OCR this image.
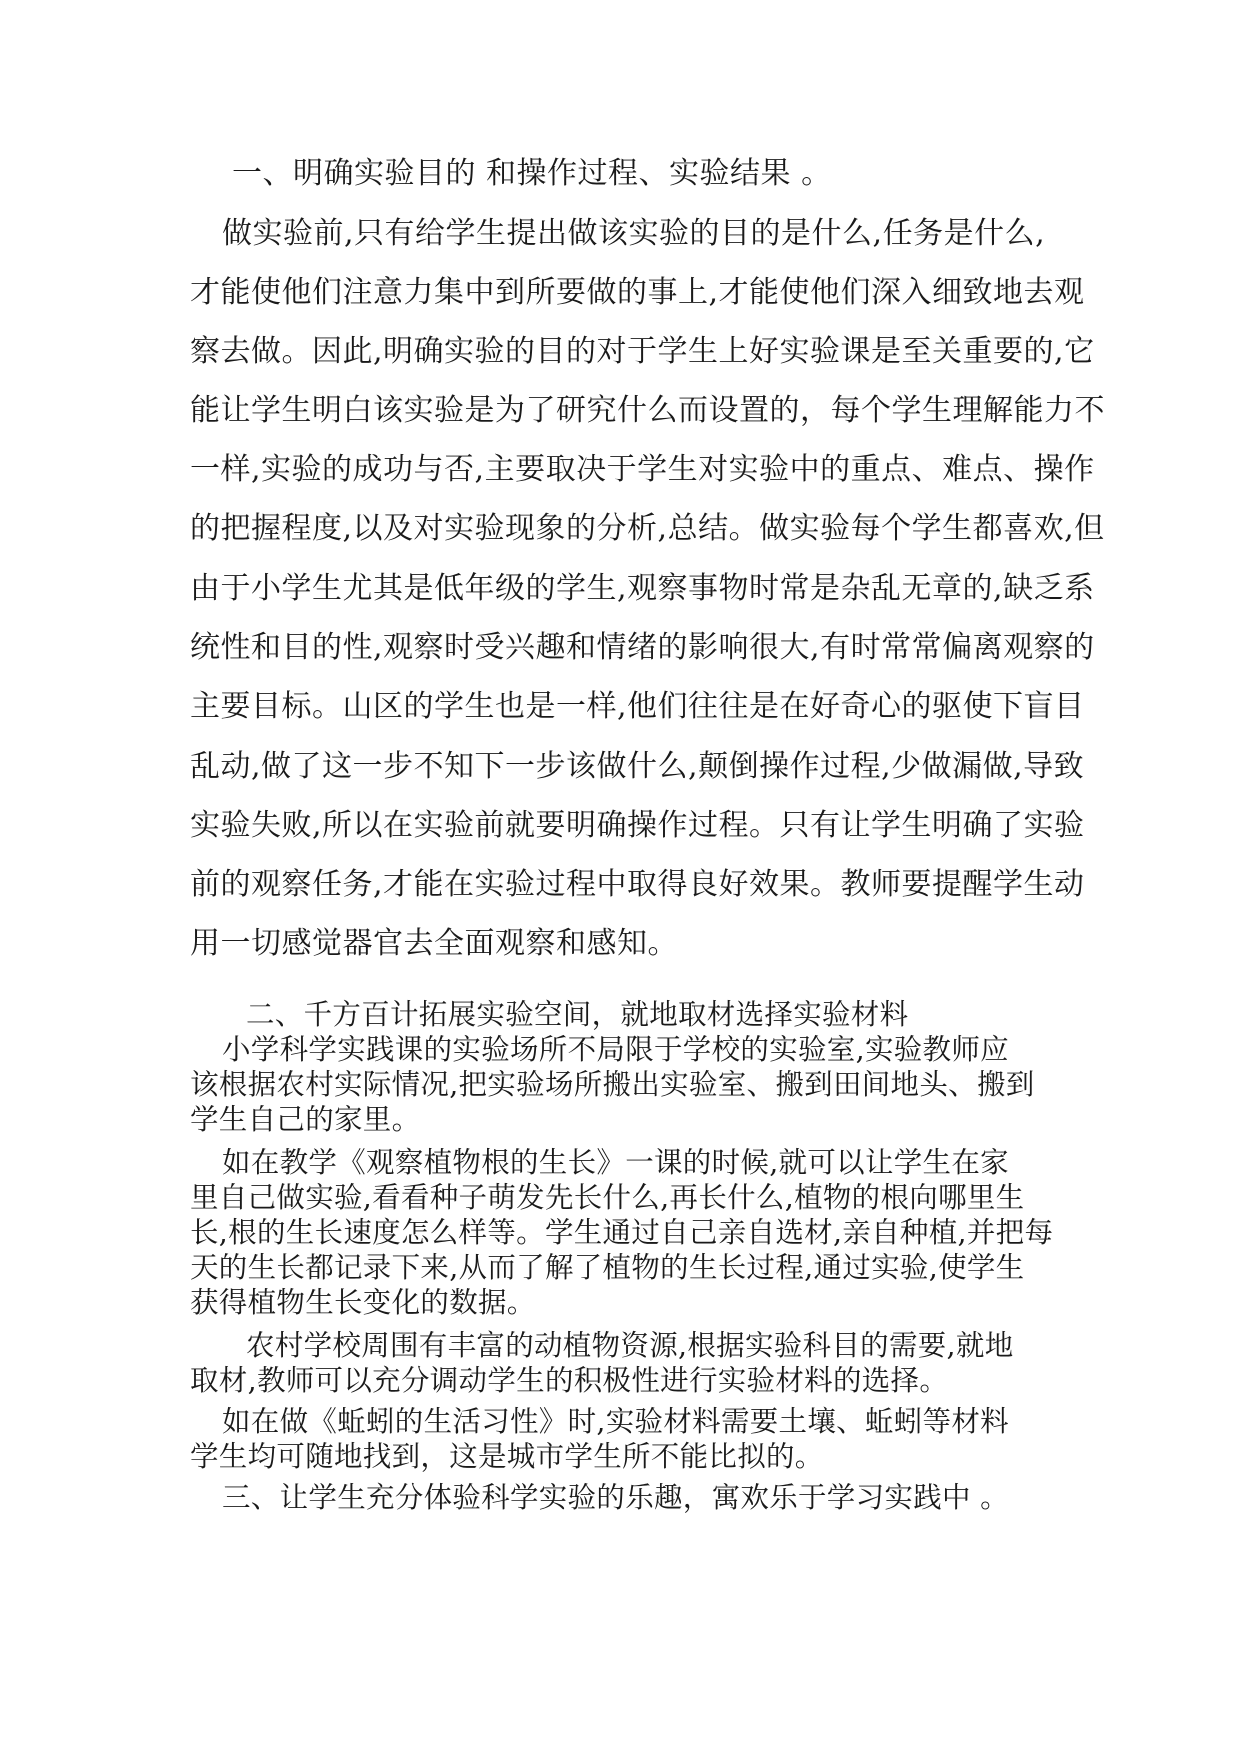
一、明确实验目的 和操作过程、实验结果 。

做实验前,只有给学生提出做该实验的目的是什么,任务是什么,

才能使他们注意力集中到所要做的事上,才能使他们深入细致地去观

察去做。因此,明确实验的目的对于学生上好实验课是至关重要的,它

能让学生明白该实验是为了研究什么而设置的，每个学生理解能力不

一样,实验的成功与否,主要取决于学生对实验中的重点、难点、操作

的把握程度,以及对实验现象的分析,总结。做实验每个学生都喜欢,但

由于小学生尤其是低年级的学生,观察事物时常是杂乱无章的,缺乏系

统性和目的性,观察时受兴趣和情绪的影响很大,有时常常偏离观察的

主要目标。山区的学生也是一样,他们往往是在好奇心的驱使下盲目

乱动,做了这一步不知下一步该做什么,颠倒操作过程,少做漏做,导致

实验失败,所以在实验前就要明确操作过程。只有让学生明确了实验

前的观察任务,才能在实验过程中取得良好效果。教师要提醒学生动

用一切感觉器官去全面观察和感知。

二、千方百计拓展实验空间，就地取材选择实验材料

小学科学实践课的实验场所不局限于学校的实验室,实验教师应

该根据农村实际情况,把实验场所搬出实验室、搬到田间地头、搬到

学生自己的家里。

如在教学《观察植物根的生长》一课的时候,就可以让学生在家

里自己做实验,看看种子萌发先长什么,再长什么,植物的根向哪里生

长,根的生长速度怎么样等。学生通过自己亲自选材,亲自种植,并把每

天的生长都记录下来,从而了解了植物的生长过程,通过实验,使学生

获得植物生长变化的数据。

农村学校周围有丰富的动植物资源,根据实验科目的需要,就地

取材,教师可以充分调动学生的积极性进行实验材料的选择。

如在做《蚯蚓的生活习性》时,实验材料需要土壤、蚯蚓等材料

学生均可随地找到，这是城市学生所不能比拟的。

三、让学生充分体验科学实验的乐趣，寓欢乐于学习实践中 。
